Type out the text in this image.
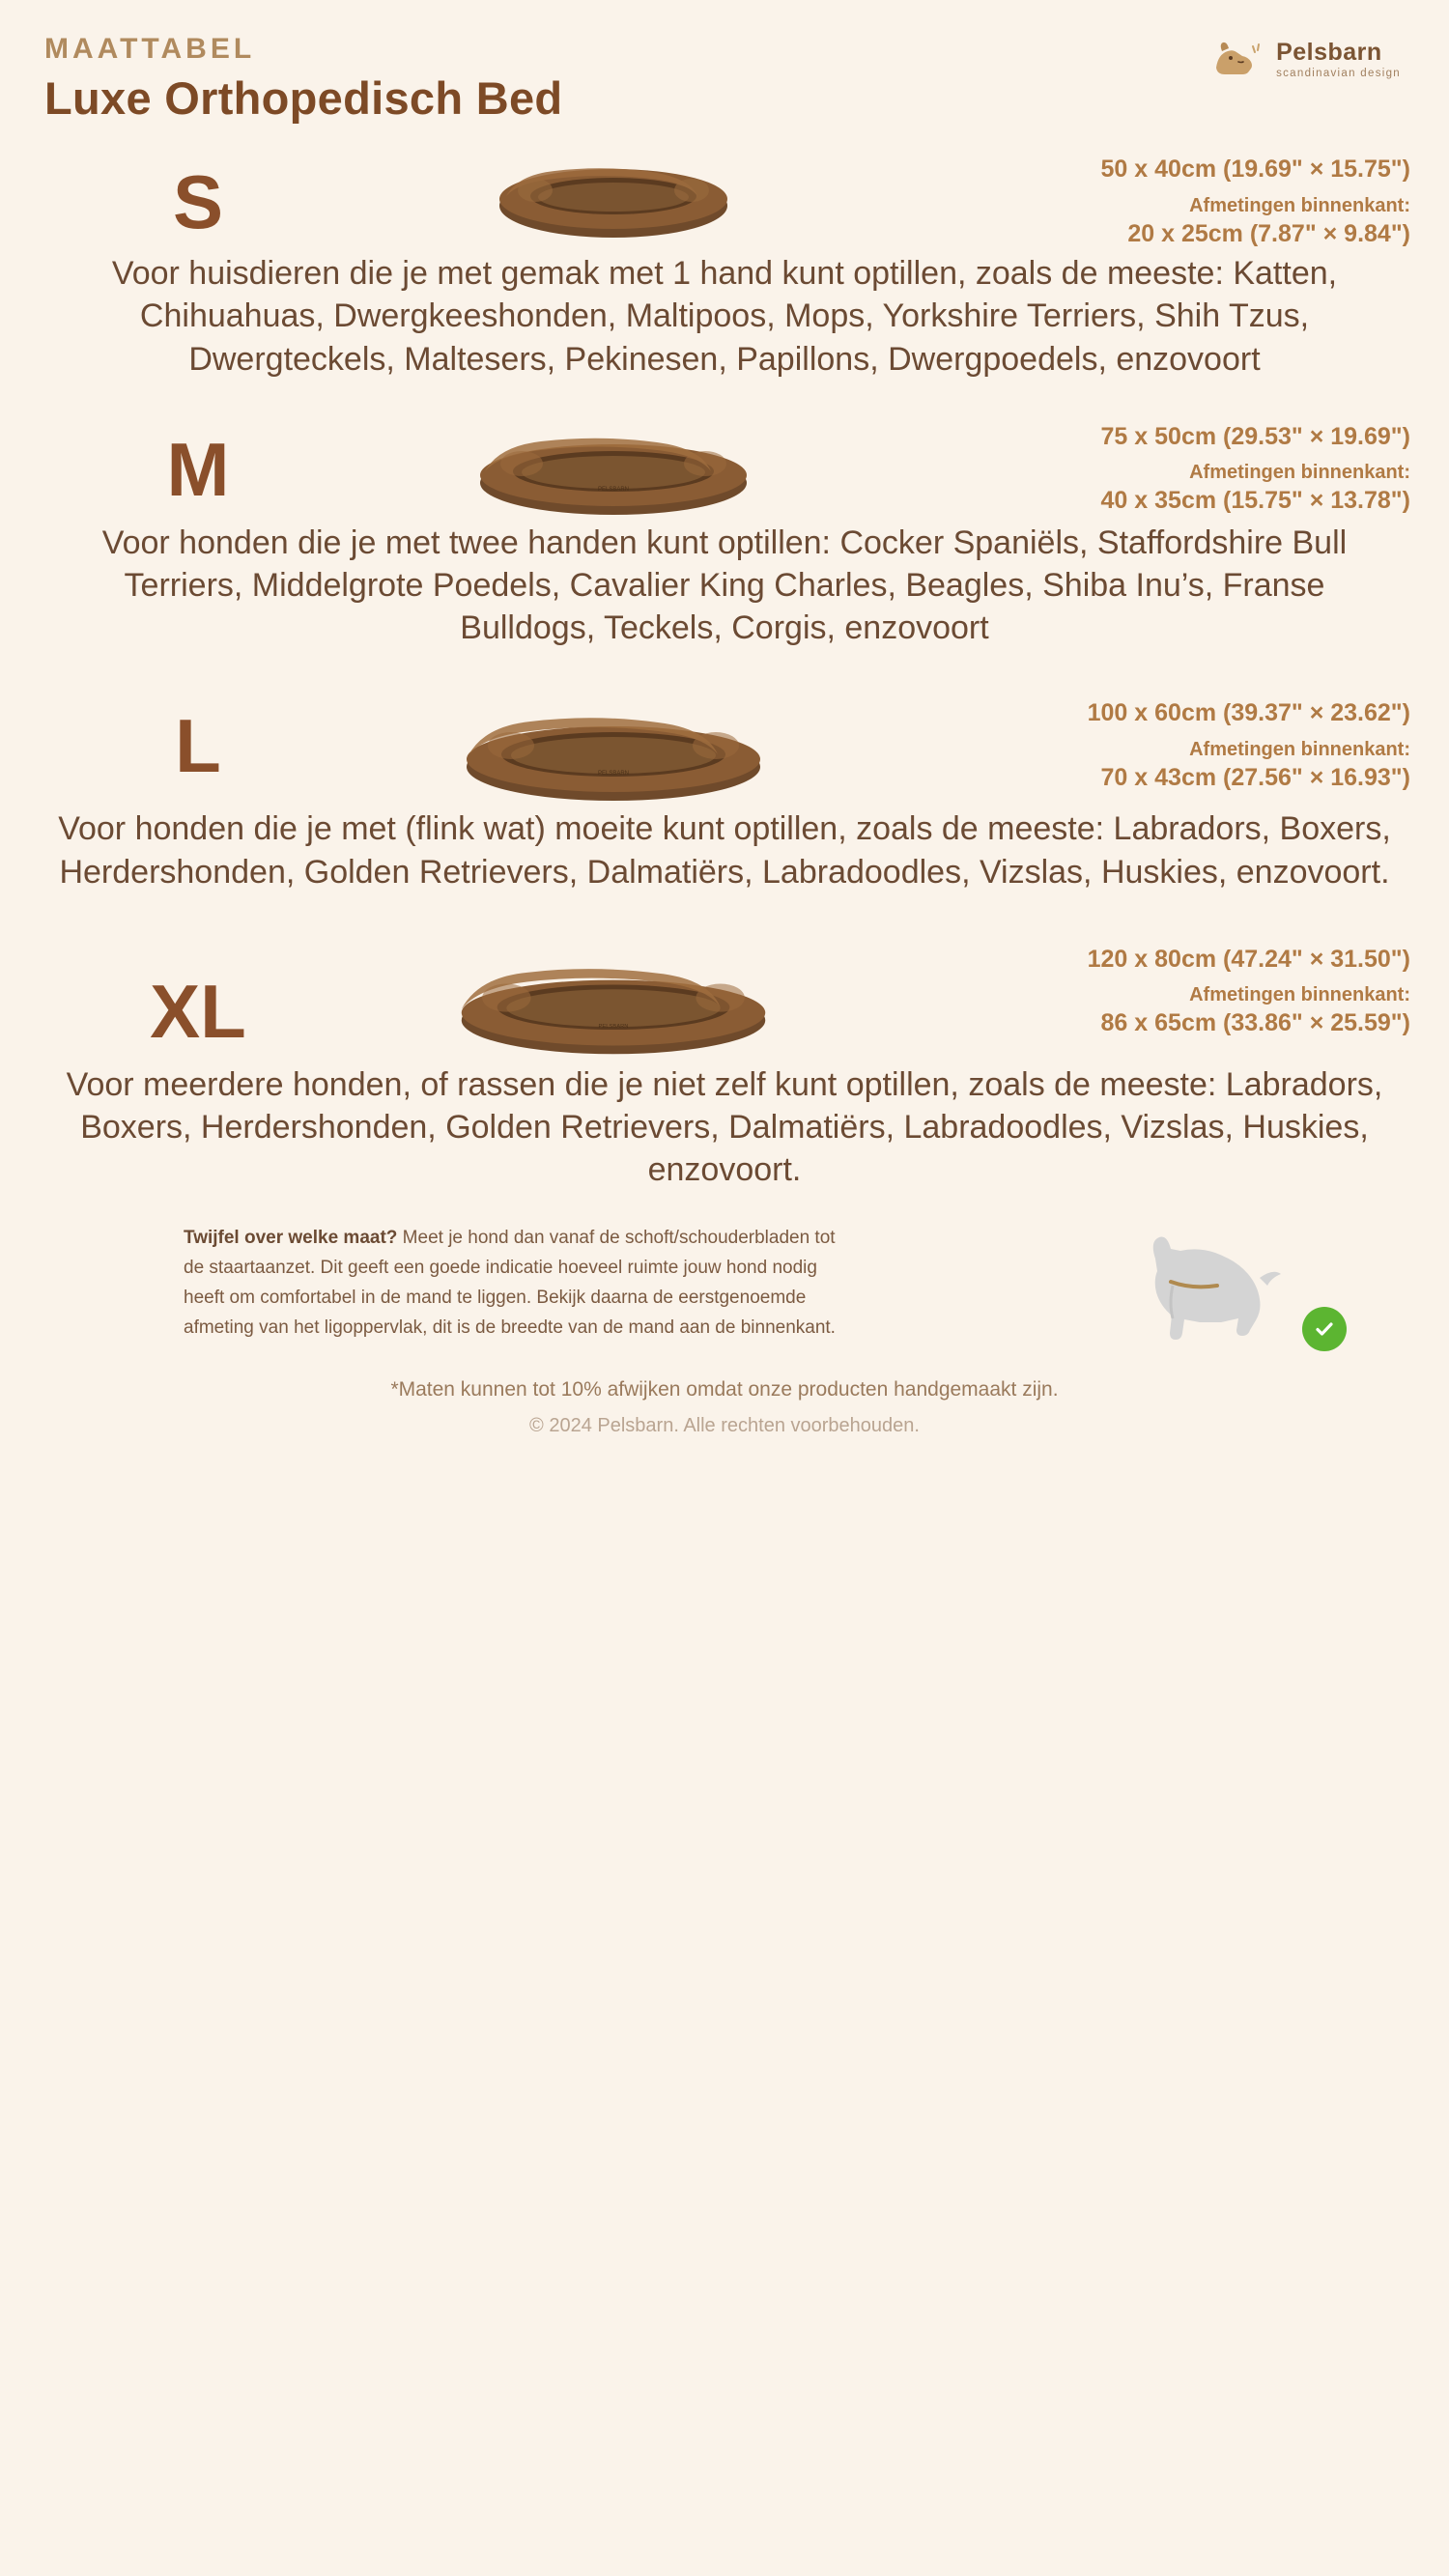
MAATTABEL
Luxe Orthopedisch Bed
Pelsbarn
scandinavian design
S	50 x 40cm (19.69" × 15.75")
Afmetingen binnenkant:
20 x 25cm (7.87" × 9.84")
Voor huisdieren die je met gemak met 1 hand kunt optillen, zoals de meeste: Katten, Chihuahuas, Dwergkeeshonden, Maltipoos, Mops, Yorkshire Terriers, Shih Tzus, Dwergteckels, Maltesers, Pekinesen, Papillons, Dwergpoedels, enzovoort
M	PELSBARN
75 x 50cm (29.53" × 19.69")
Afmetingen binnenkant:
40 x 35cm (15.75" × 13.78")
Voor honden die je met twee handen kunt optillen: Cocker Spaniëls, Staffordshire Bull Terriers, Middelgrote Poedels, Cavalier King Charles, Beagles, Shiba Inu’s, Franse Bulldogs, Teckels, Corgis, enzovoort
L	PELSBARN
100 x 60cm (39.37" × 23.62")
Afmetingen binnenkant:
70 x 43cm (27.56" × 16.93")
Voor honden die je met (flink wat) moeite kunt optillen, zoals de meeste: Labradors, Boxers, Herdershonden, Golden Retrievers, Dalmatiërs, Labradoodles, Vizslas, Huskies, enzovoort.
XL	PELSBARN
120 x 80cm (47.24" × 31.50")
Afmetingen binnenkant:
86 x 65cm (33.86" × 25.59")
Voor meerdere honden, of rassen die je niet zelf kunt optillen, zoals de meeste: Labradors, Boxers, Herdershonden, Golden Retrievers, Dalmatiërs, Labradoodles, Vizslas, Huskies, enzovoort.
Twijfel over welke maat? Meet je hond dan vanaf de schoft/schouderbladen tot de staartaanzet. Dit geeft een goede indicatie hoeveel ruimte jouw hond nodig heeft om comfortabel in de mand te liggen. Bekijk daarna de eerstgenoemde afmeting van het ligoppervlak, dit is de breedte van de mand aan de binnenkant.
*Maten kunnen tot 10% afwijken omdat onze producten handgemaakt zijn.
© 2024 Pelsbarn. Alle rechten voorbehouden.
